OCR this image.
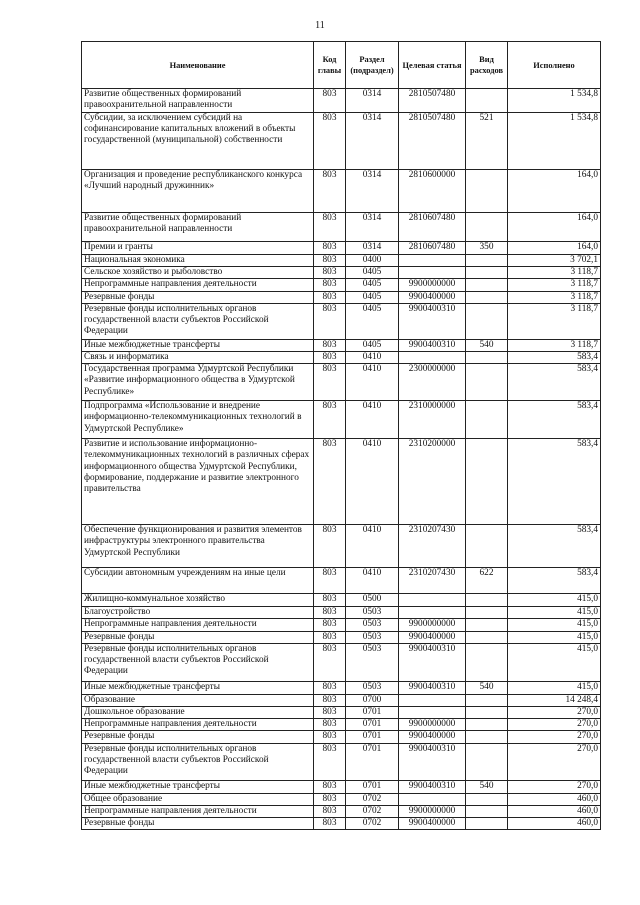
11
Наименование	Код главы	Раздел (подраздел)	Целевая статья	Вид расходов	Исполнено
Развитие общественных формирований правоохранительной направленности	803	0314	2810507480		1 534,8
Субсидии, за исключением субсидий на софинансирование капитальных вложений в объекты государственной (муниципальной) собственности	803	0314	2810507480	521	1 534,8
Организация и проведение республиканского конкурса «Лучший народный дружинник»	803	0314	2810600000		164,0
Развитие общественных формирований правоохранительной направленности	803	0314	2810607480		164,0
Премии и гранты	803	0314	2810607480	350	164,0
Национальная экономика	803	0400			3 702,1
Сельское хозяйство и рыболовство	803	0405			3 118,7
Непрограммные направления деятельности	803	0405	9900000000		3 118,7
Резервные фонды	803	0405	9900400000		3 118,7
Резервные фонды исполнительных органов государственной власти субъектов Российской Федерации	803	0405	9900400310		3 118,7
Иные межбюджетные трансферты	803	0405	9900400310	540	3 118,7
Связь и информатика	803	0410			583,4
Государственная программа Удмуртской Республики «Развитие информационного общества в Удмуртской Республике»	803	0410	2300000000		583,4
Подпрограмма «Использование и внедрение информационно-телекоммуникационных технологий в Удмуртской Республике»	803	0410	2310000000		583,4
Развитие и использование информационно-телекоммуникационных технологий в различных сферах информационного общества Удмуртской Республики, формирование, поддержание и развитие электронного правительства	803	0410	2310200000		583,4
Обеспечение функционирования и развития элементов инфраструктуры электронного правительства Удмуртской Республики	803	0410	2310207430		583,4
Субсидии автономным учреждениям на иные цели	803	0410	2310207430	622	583,4
Жилищно-коммунальное хозяйство	803	0500			415,0
Благоустройство	803	0503			415,0
Непрограммные направления деятельности	803	0503	9900000000		415,0
Резервные фонды	803	0503	9900400000		415,0
Резервные фонды исполнительных органов государственной власти субъектов Российской Федерации	803	0503	9900400310		415,0
Иные межбюджетные трансферты	803	0503	9900400310	540	415,0
Образование	803	0700			14 248,4
Дошкольное образование	803	0701			270,0
Непрограммные направления деятельности	803	0701	9900000000		270,0
Резервные фонды	803	0701	9900400000		270,0
Резервные фонды исполнительных органов государственной власти субъектов Российской Федерации	803	0701	9900400310		270,0
Иные межбюджетные трансферты	803	0701	9900400310	540	270,0
Общее образование	803	0702			460,0
Непрограммные направления деятельности	803	0702	9900000000		460,0
Резервные фонды	803	0702	9900400000		460,0
